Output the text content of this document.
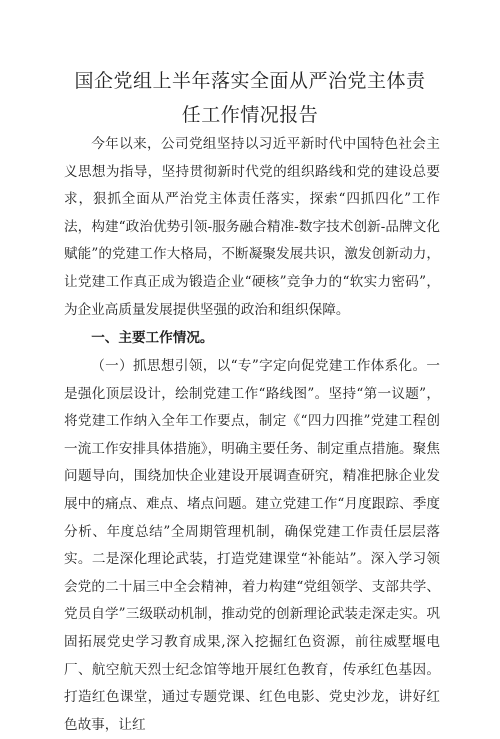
国企党组上半年落实全面从严治党主体责
任工作情况报告
今年以来，公司党组坚持以习近平新时代中国特色社会主义思想为指导，坚持贯彻新时代党的组织路线和党的建设总要求，狠抓全面从严治党主体责任落实，探索“四抓四化”工作法，构建“政治优势引领-服务融合精准-数字技术创新-品牌文化赋能”的党建工作大格局，不断凝聚发展共识，激发创新动力，让党建工作真正成为锻造企业“硬核”竞争力的“软实力密码”，为企业高质量发展提供坚强的政治和组织保障。
一、主要工作情况。
（一）抓思想引领，以“专”字定向促党建工作体系化。一是强化顶层设计，绘制党建工作“路线图”。坚持“第一议题”，将党建工作纳入全年工作要点，制定《“四力四推”党建工程创一流工作安排具体措施》，明确主要任务、制定重点措施。聚焦问题导向，围绕加快企业建设开展调查研究，精准把脉企业发展中的痛点、难点、堵点问题。建立党建工作“月度跟踪、季度分析、年度总结”全周期管理机制，确保党建工作责任层层落实。二是深化理论武装，打造党建课堂“补能站”。深入学习领会党的二十届三中全会精神，着力构建“党组领学、支部共学、党员自学”三级联动机制，推动党的创新理论武装走深走实。巩固拓展党史学习教育成果,深入挖掘红色资源，前往威墅堰电厂、航空航天烈士纪念馆等地开展红色教育，传承红色基因。打造红色课堂，通过专题党课、红色电影、党史沙龙，讲好红色故事，让红
